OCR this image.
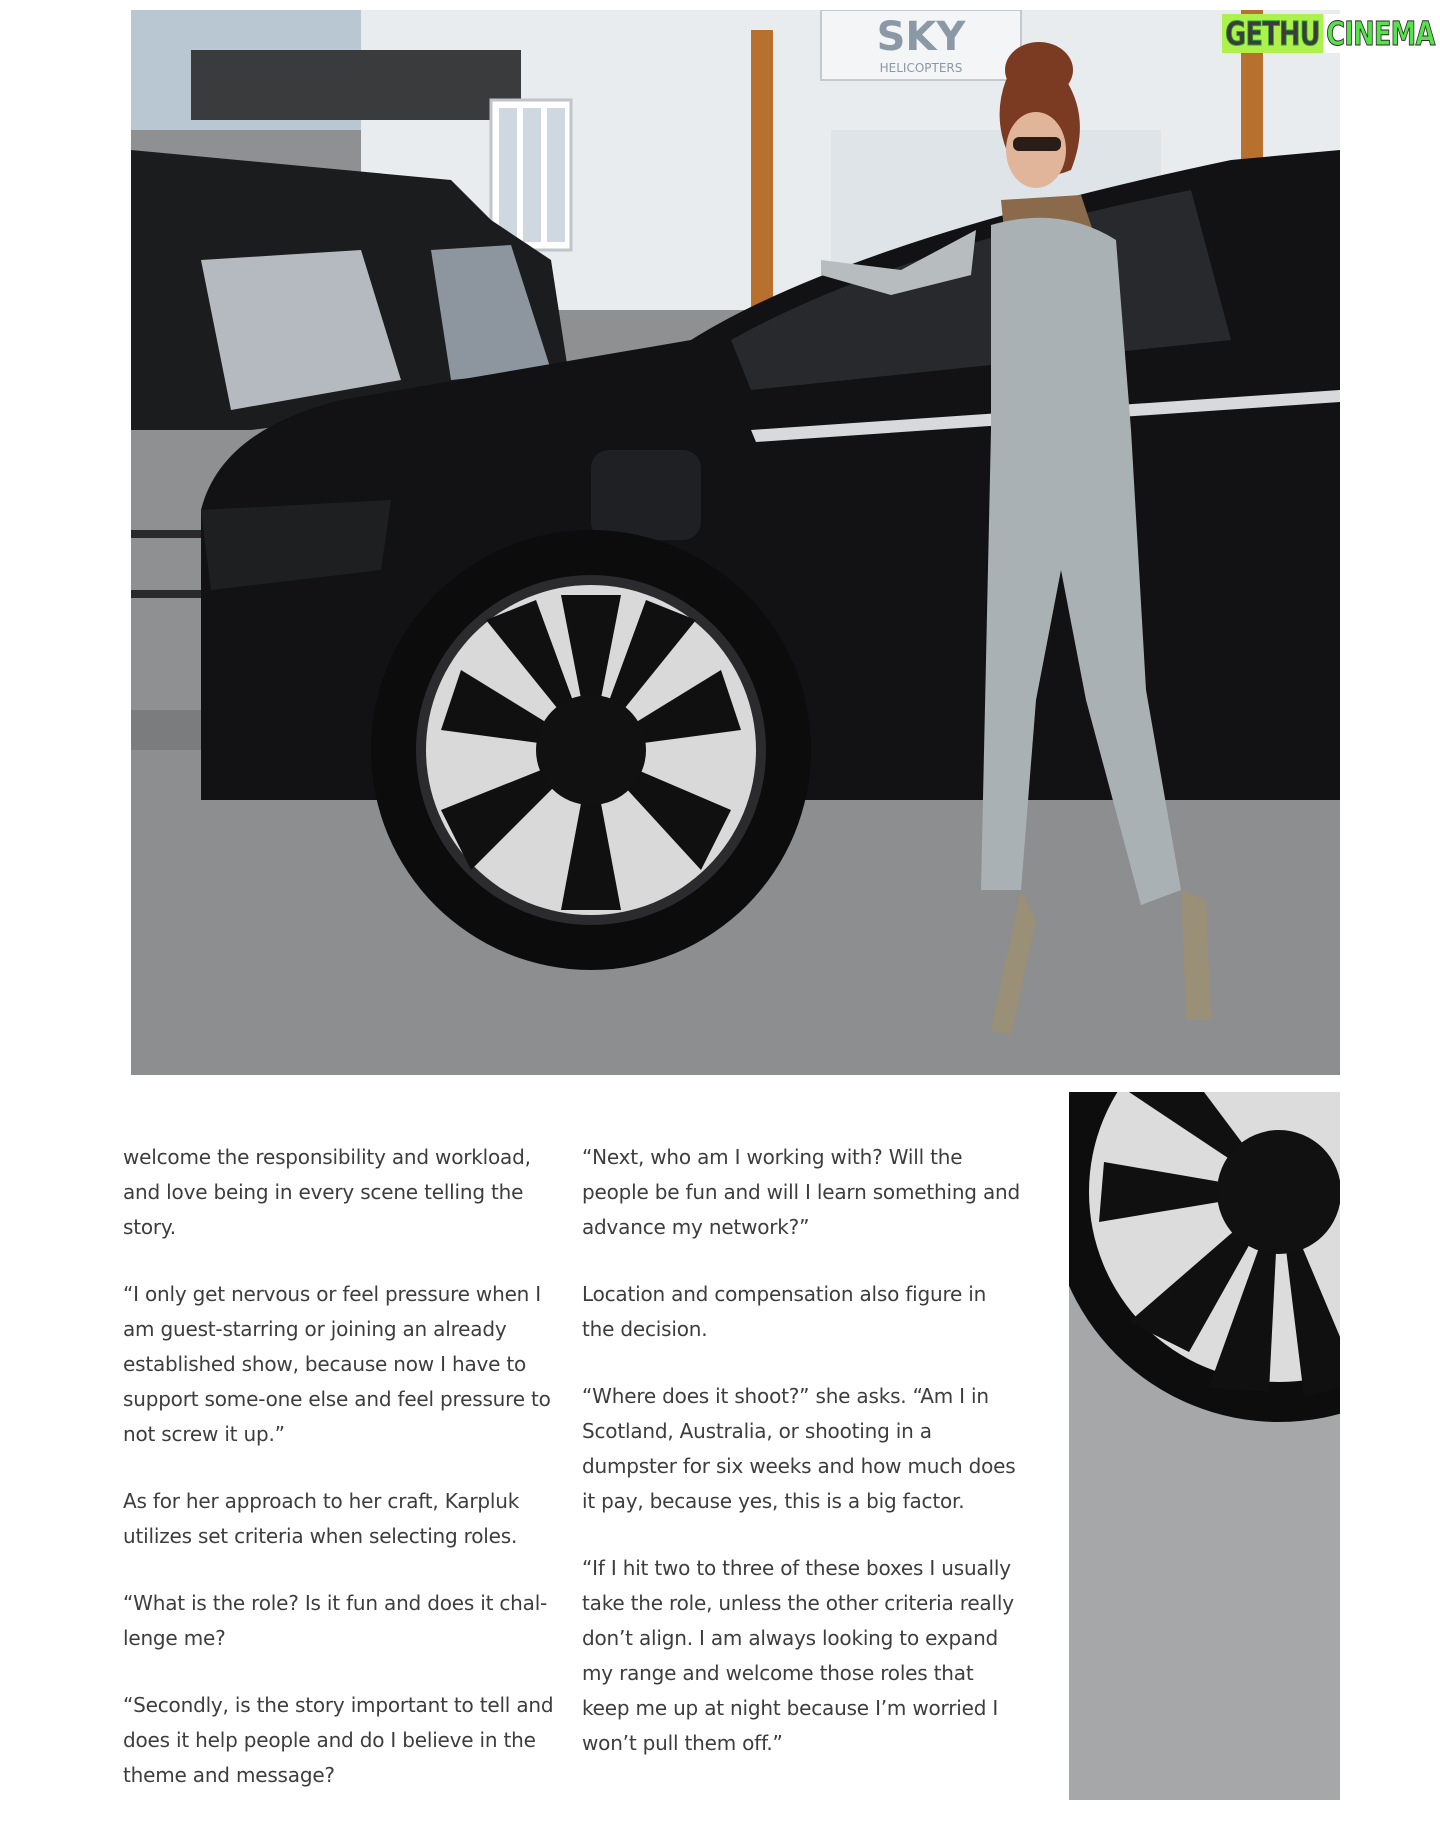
SKY
HELICOPTERS
GETHU CINEMA

welcome the responsibility and workload, and love being in every scene telling the story.

“I only get nervous or feel pressure when I am guest-starring or joining an already established show, because now I have to support some-one else and feel pressure to not screw it up.”

As for her approach to her craft, Karpluk utilizes set criteria when selecting roles.

“What is the role? Is it fun and does it chal-lenge me?

“Secondly, is the story important to tell and does it help people and do I believe in the theme and message?

“Next, who am I working with? Will the people be fun and will I learn something and advance my network?”

Location and compensation also figure in the decision.

“Where does it shoot?” she asks. “Am I in Scotland, Australia, or shooting in a dumpster for six weeks and how much does it pay, because yes, this is a big factor.

“If I hit two to three of these boxes I usually take the role, unless the other criteria really don’t align. I am always looking to expand my range and welcome those roles that keep me up at night because I’m worried I won’t pull them off.”
